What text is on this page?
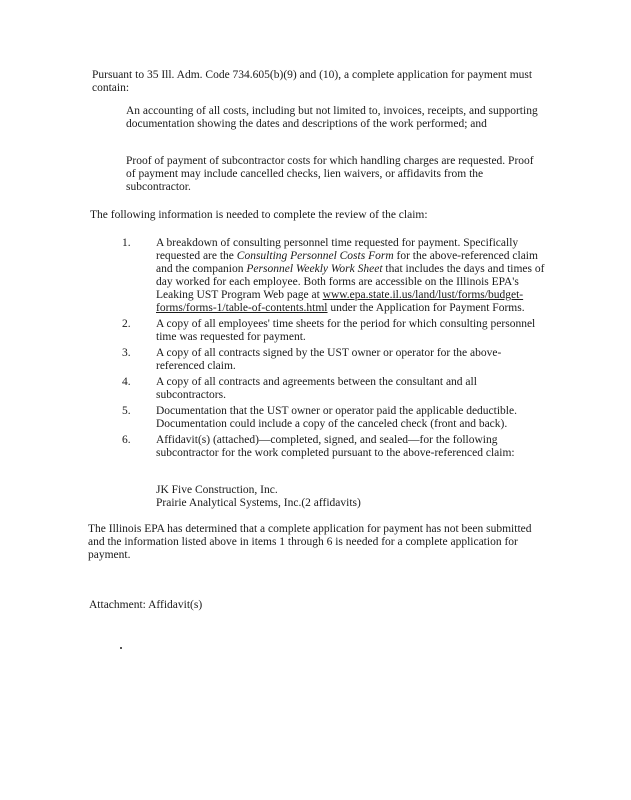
Pursuant to 35 Ill. Adm. Code 734.605(b)(9) and (10), a complete application for payment must contain:

An accounting of all costs, including but not limited to, invoices, receipts, and supporting documentation showing the dates and descriptions of the work performed; and

Proof of payment of subcontractor costs for which handling charges are requested. Proof of payment may include cancelled checks, lien waivers, or affidavits from the subcontractor.

The following information is needed to complete the review of the claim:

1.	A breakdown of consulting personnel time requested for payment. Specifically requested are the Consulting Personnel Costs Form for the above-referenced claim and the companion Personnel Weekly Work Sheet that includes the days and times of day worked for each employee. Both forms are accessible on the Illinois EPA's Leaking UST Program Web page at www.epa.state.il.us/land/lust/forms/budget-forms/forms-1/table-of-contents.html under the Application for Payment Forms.
2.	A copy of all employees' time sheets for the period for which consulting personnel time was requested for payment.
3.	A copy of all contracts signed by the UST owner or operator for the above-referenced claim.
4.	A copy of all contracts and agreements between the consultant and all subcontractors.
5.	Documentation that the UST owner or operator paid the applicable deductible. Documentation could include a copy of the canceled check (front and back).
6.	Affidavit(s) (attached)—completed, signed, and sealed—for the following subcontractor for the work completed pursuant to the above-referenced claim:
JK Five Construction, Inc.
Prairie Analytical Systems, Inc.(2 affidavits)

The Illinois EPA has determined that a complete application for payment has not been submitted and the information listed above in items 1 through 6 is needed for a complete application for payment.

Attachment: Affidavit(s)
